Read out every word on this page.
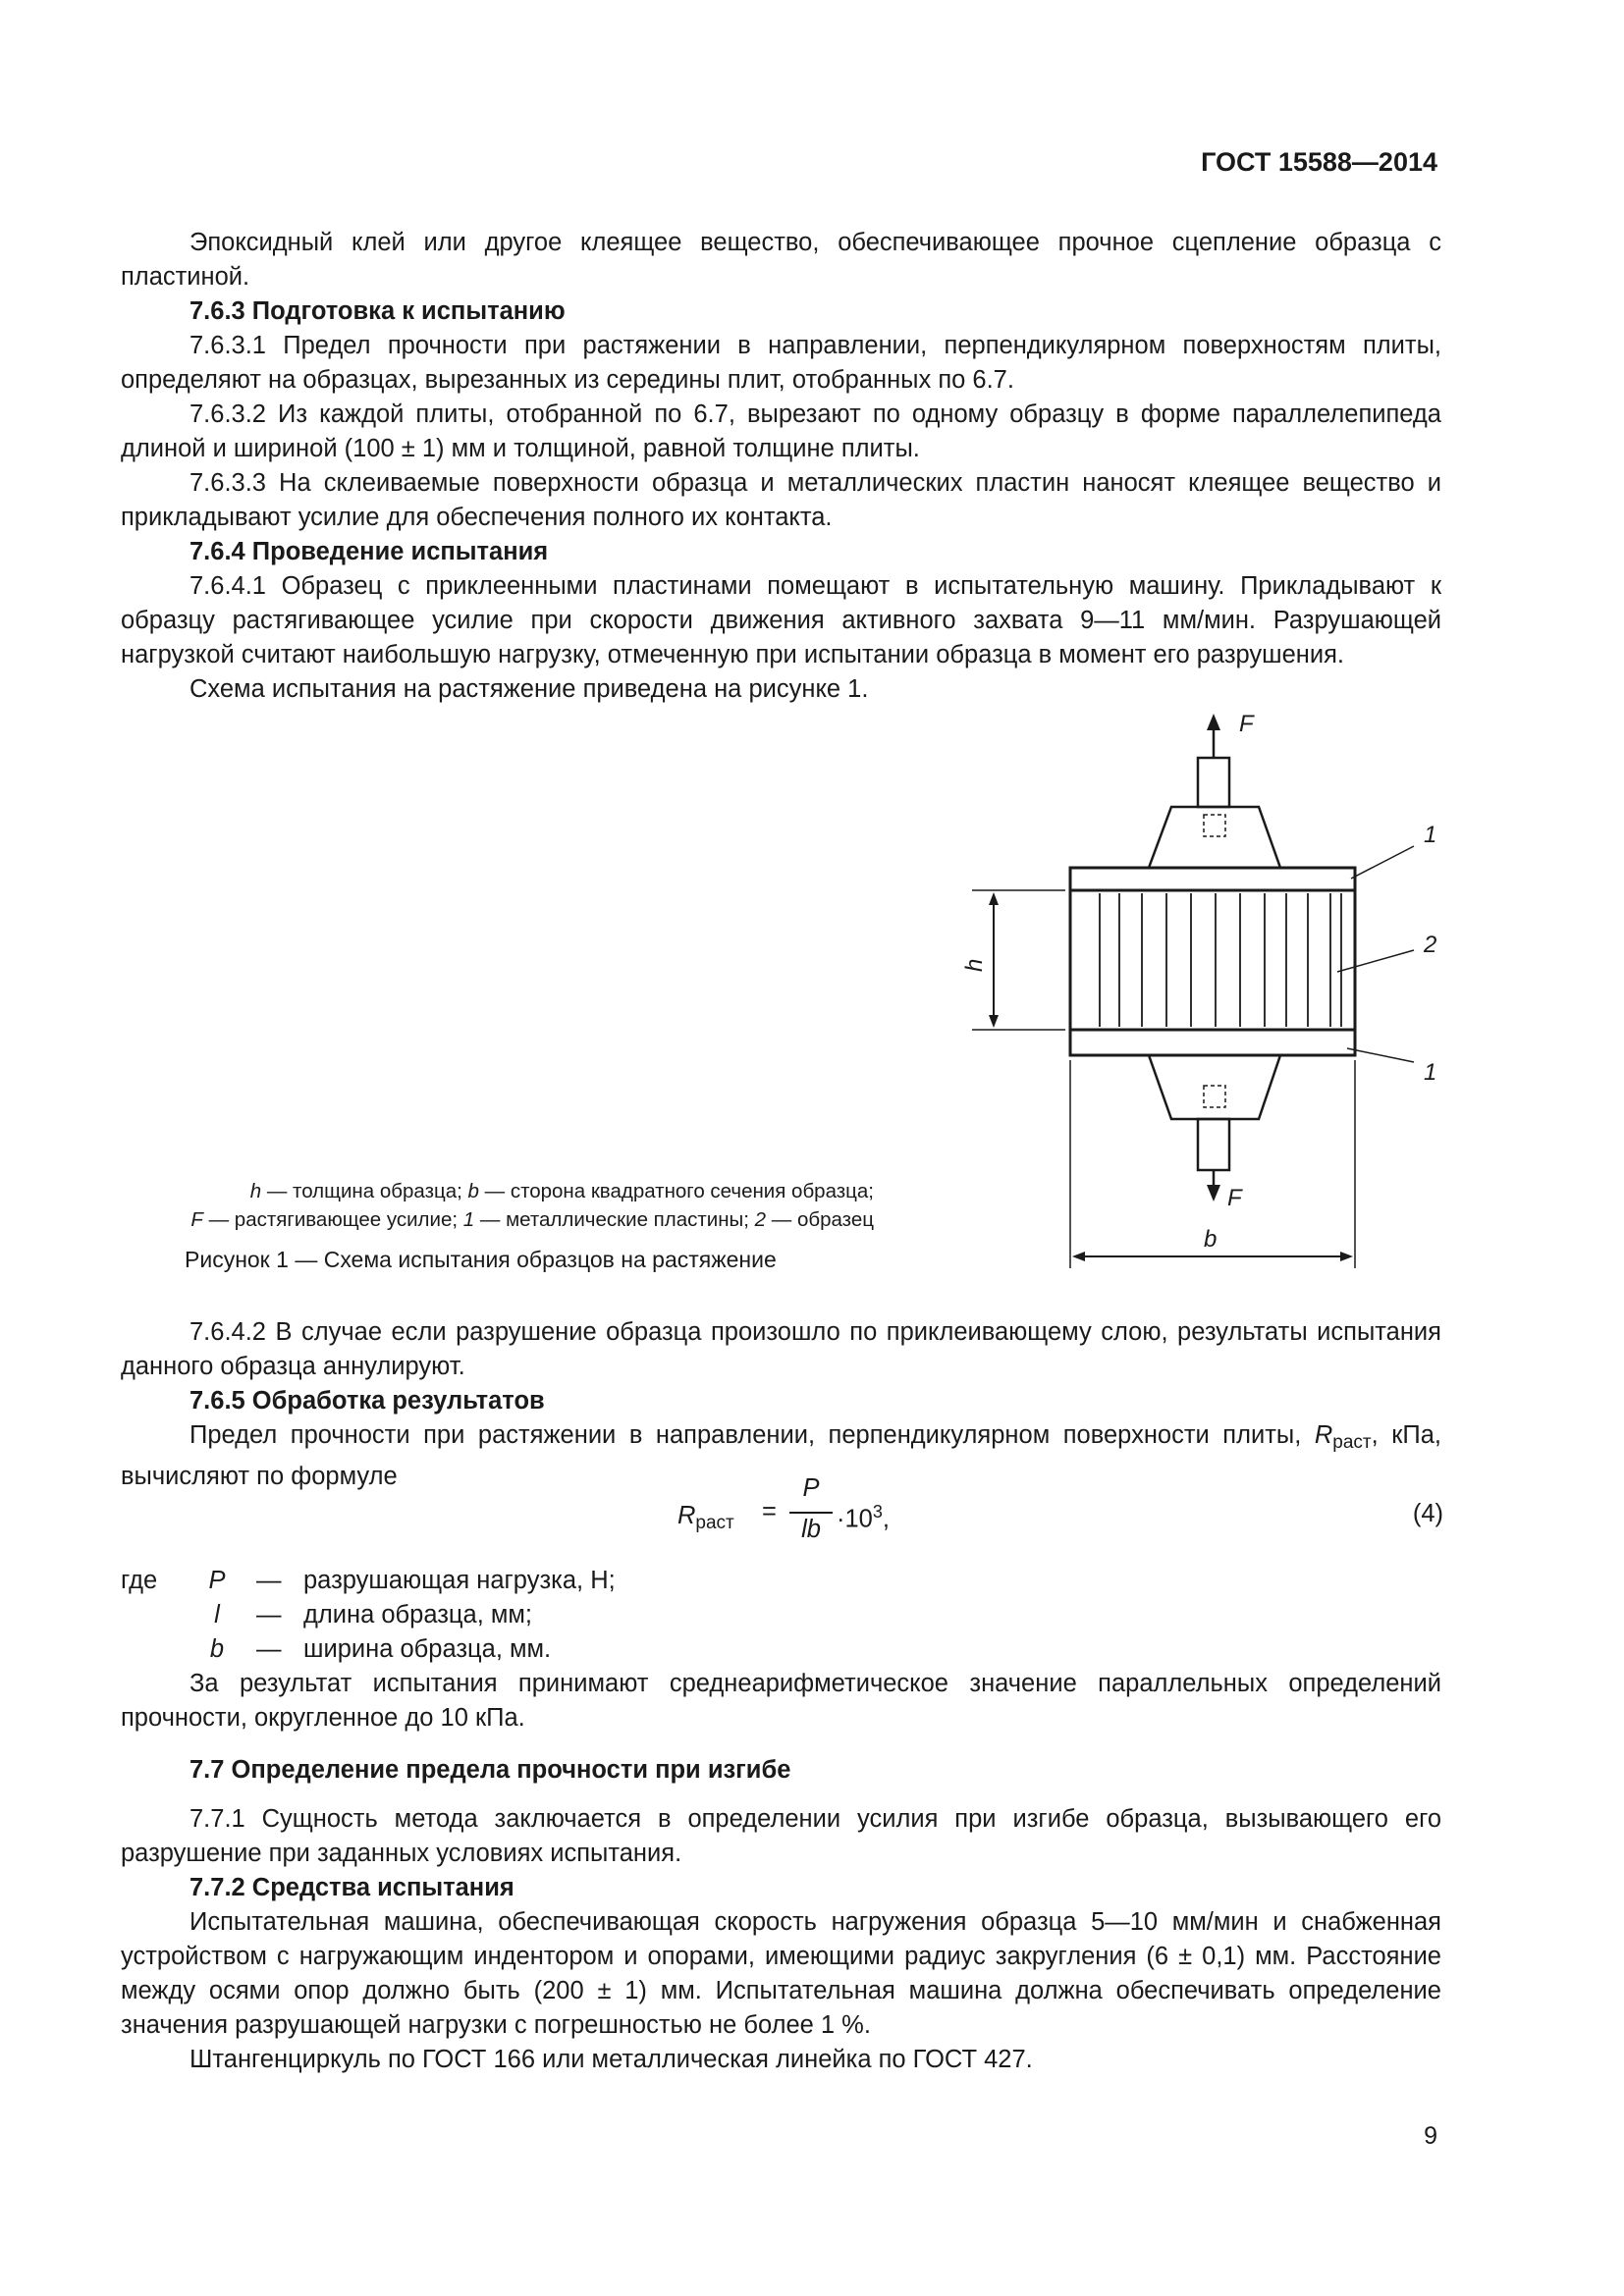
ГОСТ 15588—2014

Эпоксидный клей или другое клеящее вещество, обеспечивающее прочное сцепление образца с пластиной.

7.6.3 Подготовка к испытанию

7.6.3.1 Предел прочности при растяжении в направлении, перпендикулярном поверхностям плиты, определяют на образцах, вырезанных из середины плит, отобранных по 6.7.

7.6.3.2 Из каждой плиты, отобранной по 6.7, вырезают по одному образцу в форме параллелепипеда длиной и шириной (100 ± 1) мм и толщиной, равной толщине плиты.

7.6.3.3 На склеиваемые поверхности образца и металлических пластин наносят клеящее вещество и прикладывают усилие для обеспечения полного их контакта.

7.6.4 Проведение испытания

7.6.4.1 Образец с приклеенными пластинами помещают в испытательную машину. Прикладывают к образцу растягивающее усилие при скорости движения активного захвата 9—11 мм/мин. Разрушающей нагрузкой считают наибольшую нагрузку, отмеченную при испытании образца в момент его разрушения.

Схема испытания на растяжение приведена на рисунке 1.

F
F
1
2
1
b
h
h — толщина образца; b — сторона квадратного сечения образца;
F — растягивающее усилие; 1 — металлические пластины; 2 — образец
Рисунок 1 — Схема испытания образцов на растяжение

7.6.4.2 В случае если разрушение образца произошло по приклеивающему слою, результаты испытания данного образца аннулируют.

7.6.5 Обработка результатов

Предел прочности при растяжении в направлении, перпендикулярном поверхности плиты, $R_{раст}$, кПа, вычисляют по формуле

$R_{раст}$ =
P
lb $\cdot 10^3$,	(4)
где	P	— разрушающая нагрузка, Н;
l	— длина образца, мм;
b	— ширина образца, мм.

За результат испытания принимают среднеарифметическое значение параллельных определений прочности, округленное до 10 кПа.

7.7 Определение предела прочности при изгибе

7.7.1 Сущность метода заключается в определении усилия при изгибе образца, вызывающего его разрушение при заданных условиях испытания.

7.7.2 Средства испытания

Испытательная машина, обеспечивающая скорость нагружения образца 5—10 мм/мин и снабженная устройством с нагружающим индентором и опорами, имеющими радиус закругления (6 ± 0,1) мм. Расстояние между осями опор должно быть (200 ± 1) мм. Испытательная машина должна обеспечивать определение значения разрушающей нагрузки с погрешностью не более 1 %.

Штангенциркуль по ГОСТ 166 или металлическая линейка по ГОСТ 427.

9
